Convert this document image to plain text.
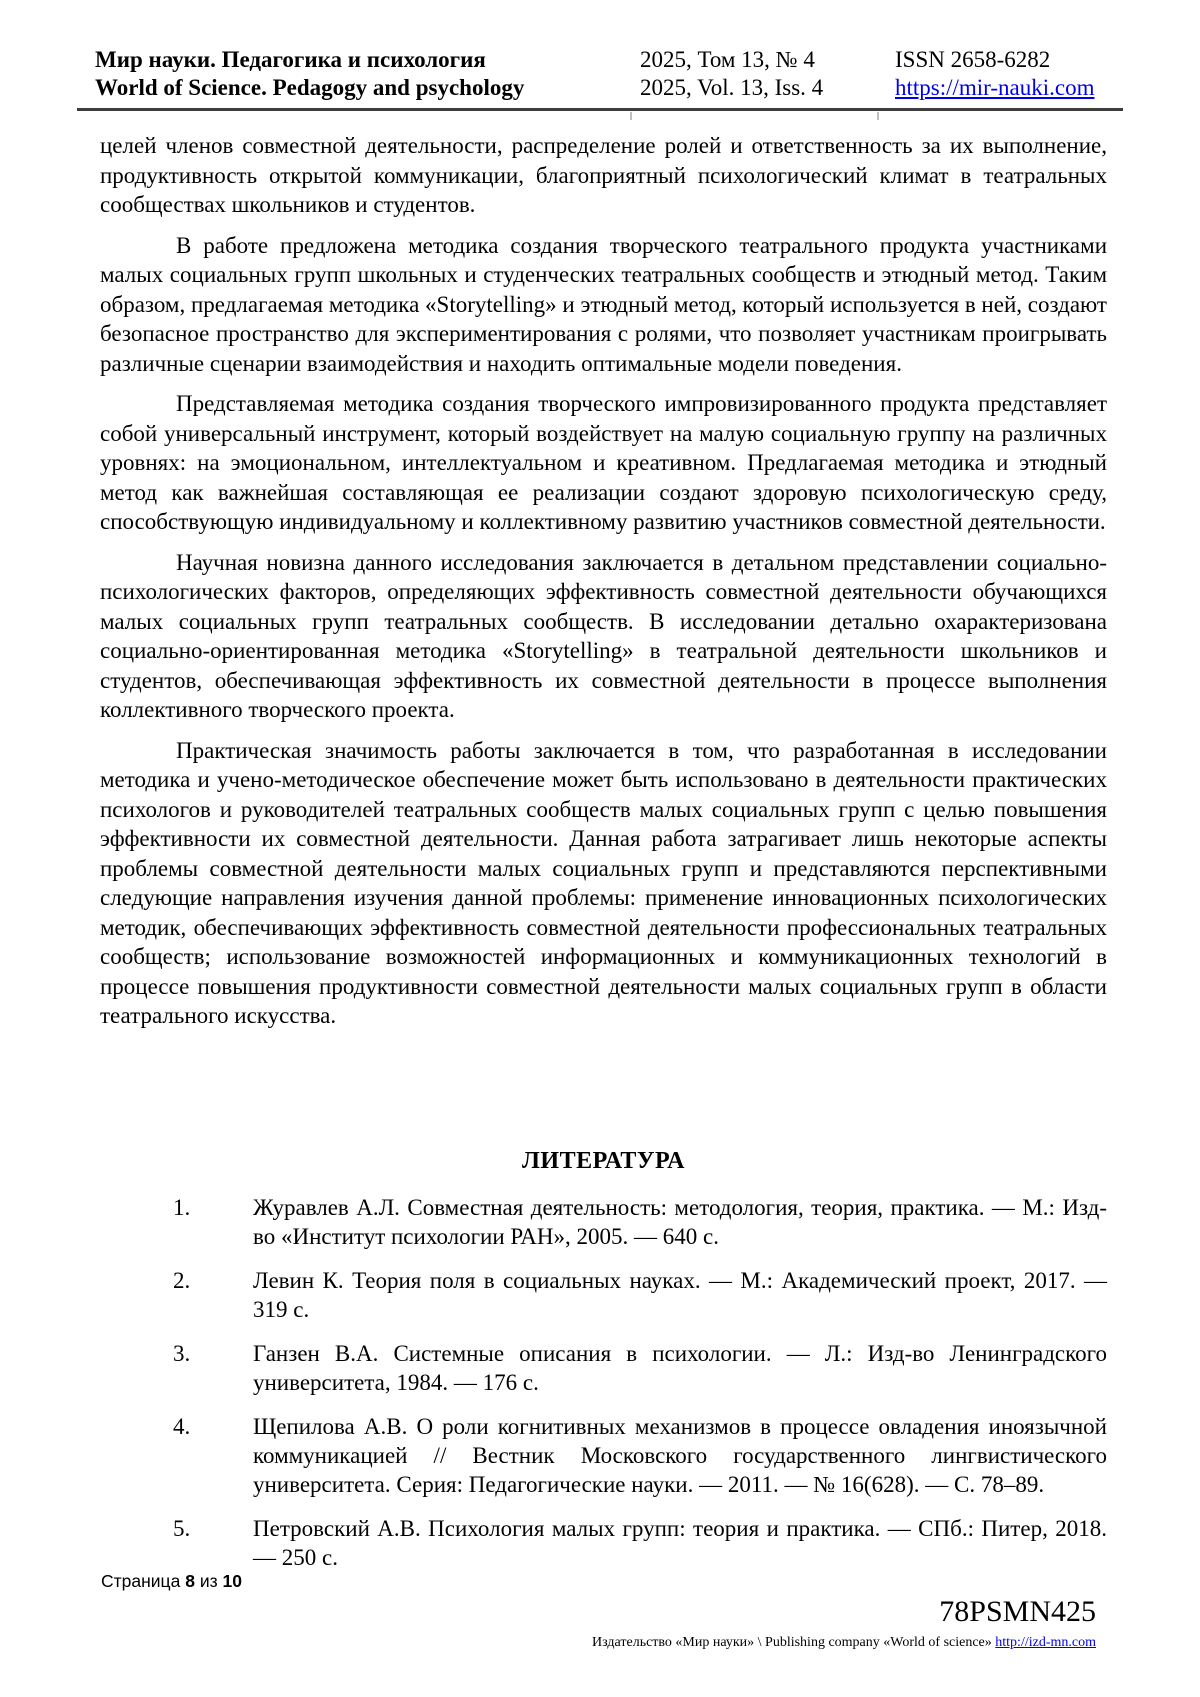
Мир науки. Педагогика и психология
World of Science. Pedagogy and psychology
2025, Том 13, № 4
2025, Vol. 13, Iss. 4
ISSN 2658-6282
https://mir-nauki.com

целей членов совместной деятельности, распределение ролей и ответственность за их выполнение, продуктивность открытой коммуникации, благоприятный психологический климат в театральных сообществах школьников и студентов.

В работе предложена методика создания творческого театрального продукта участниками малых социальных групп школьных и студенческих театральных сообществ и этюдный метод. Таким образом, предлагаемая методика «Storytelling» и этюдный метод, который используется в ней, создают безопасное пространство для экспериментирования с ролями, что позволяет участникам проигрывать различные сценарии взаимодействия и находить оптимальные модели поведения.

Представляемая методика создания творческого импровизированного продукта представляет собой универсальный инструмент, который воздействует на малую социальную группу на различных уровнях: на эмоциональном, интеллектуальном и креативном. Предлагаемая методика и этюдный метод как важнейшая составляющая ее реализации создают здоровую психологическую среду, способствующую индивидуальному и коллективному развитию участников совместной деятельности.

Научная новизна данного исследования заключается в детальном представлении социально-психологических факторов, определяющих эффективность совместной деятельности обучающихся малых социальных групп театральных сообществ. В исследовании детально охарактеризована социально-ориентированная методика «Storytelling» в театральной деятельности школьников и студентов, обеспечивающая эффективность их совместной деятельности в процессе выполнения коллективного творческого проекта.

Практическая значимость работы заключается в том, что разработанная в исследовании методика и учено-методическое обеспечение может быть использовано в деятельности практических психологов и руководителей театральных сообществ малых социальных групп с целью повышения эффективности их совместной деятельности. Данная работа затрагивает лишь некоторые аспекты проблемы совместной деятельности малых социальных групп и представляются перспективными следующие направления изучения данной проблемы: применение инновационных психологических методик, обеспечивающих эффективность совместной деятельности профессиональных театральных сообществ; использование возможностей информационных и коммуникационных технологий в процессе повышения продуктивности совместной деятельности малых социальных групп в области театрального искусства.

ЛИТЕРАТУРА
1.	Журавлев А.Л. Совместная деятельность: методология, теория, практика. — М.: Изд-во «Институт психологии РАН», 2005. — 640 с.
2.	Левин К. Теория поля в социальных науках. — М.: Академический проект, 2017. — 319 с.
3.	Ганзен В.А. Системные описания в психологии. — Л.: Изд-во Ленинградского университета, 1984. — 176 с.
4.	Щепилова А.В. О роли когнитивных механизмов в процессе овладения иноязычной коммуникацией // Вестник Московского государственного лингвистического университета. Серия: Педагогические науки. — 2011. — № 16(628). — С. 78–89.
5.	Петровский А.В. Психология малых групп: теория и практика. — СПб.: Питер, 2018. — 250 с.
Страница 8 из 10
78PSMN425
Издательство «Мир науки» \ Publishing company «World of science» http://izd-mn.com
